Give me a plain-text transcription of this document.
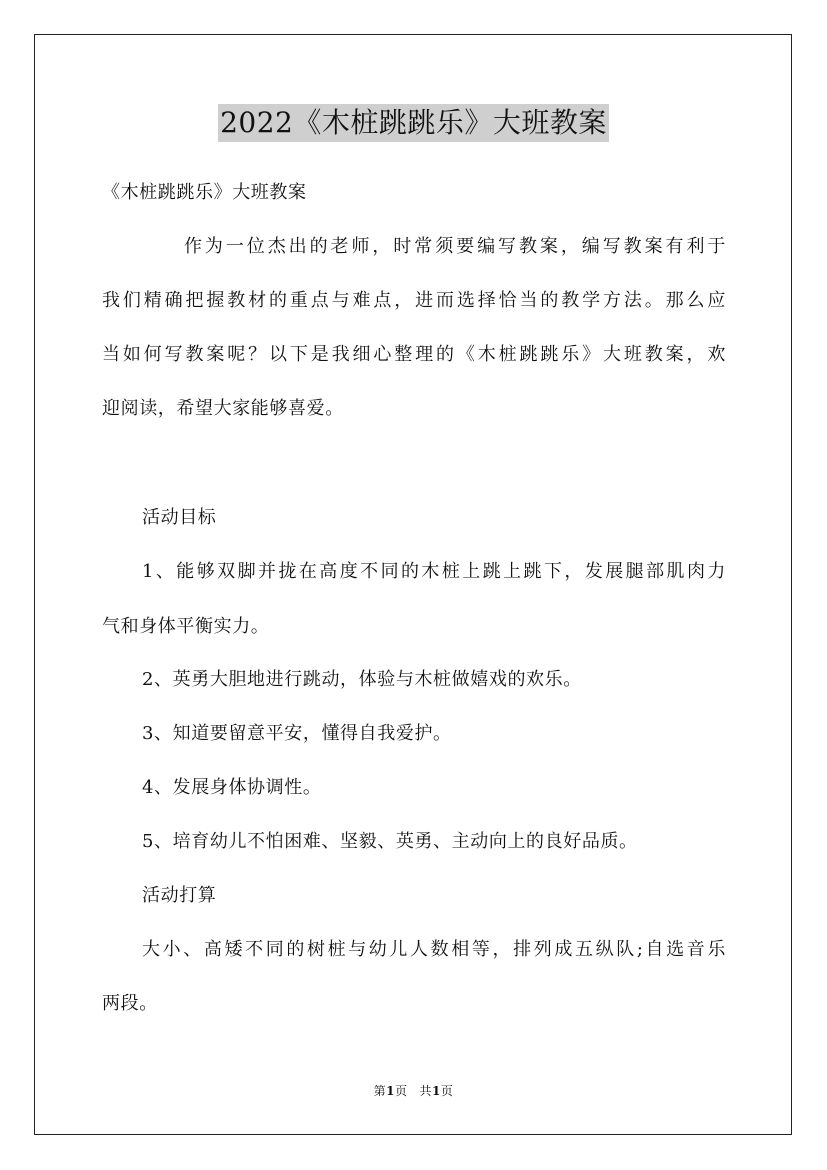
2022《木桩跳跳乐》大班教案
《木桩跳跳乐》大班教案
作为一位杰出的老师，时常须要编写教案，编写教案有利于
我们精确把握教材的重点与难点，进而选择恰当的教学方法。那么应
当如何写教案呢？以下是我细心整理的《木桩跳跳乐》大班教案，欢
迎阅读，希望大家能够喜爱。
活动目标
1、能够双脚并拢在高度不同的木桩上跳上跳下，发展腿部肌肉力
气和身体平衡实力。
2、英勇大胆地进行跳动，体验与木桩做嬉戏的欢乐。
3、知道要留意平安，懂得自我爱护。
4、发展身体协调性。
5、培育幼儿不怕困难、坚毅、英勇、主动向上的良好品质。
活动打算
大小、高矮不同的树桩与幼儿人数相等，排列成五纵队;自选音乐
两段。
第1页 共1页
